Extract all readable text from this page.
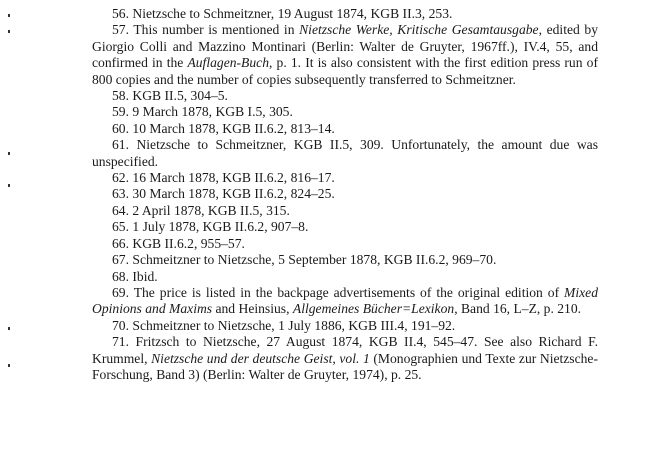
56. Nietzsche to Schmeitzner, 19 August 1874, KGB II.3, 253.

57. This number is mentioned in Nietzsche Werke, Kritische Gesamtausgabe, edited by Giorgio Colli and Mazzino Montinari (Berlin: Walter de Gruyter, 1967ff.), IV.4, 55, and confirmed in the Auflagen-Buch, p. 1. It is also consistent with the first edition press run of 800 copies and the number of copies subsequently transferred to Schmeitzner.

58. KGB II.5, 304–5.

59. 9 March 1878, KGB I.5, 305.

60. 10 March 1878, KGB II.6.2, 813–14.

61. Nietzsche to Schmeitzner, KGB II.5, 309. Unfortunately, the amount due was unspecified.

62. 16 March 1878, KGB II.6.2, 816–17.

63. 30 March 1878, KGB II.6.2, 824–25.

64. 2 April 1878, KGB II.5, 315.

65. 1 July 1878, KGB II.6.2, 907–8.

66. KGB II.6.2, 955–57.

67. Schmeitzner to Nietzsche, 5 September 1878, KGB II.6.2, 969–70.

68. Ibid.

69. The price is listed in the backpage advertisements of the original edition of Mixed Opinions and Maxims and Heinsius, Allgemeines Bücher=Lexikon, Band 16, L–Z, p. 210.

70. Schmeitzner to Nietzsche, 1 July 1886, KGB III.4, 191–92.

71. Fritzsch to Nietzsche, 27 August 1874, KGB II.4, 545–47. See also Richard F. Krummel, Nietzsche und der deutsche Geist, vol. 1 (Monographien und Texte zur Nietzsche-Forschung, Band 3) (Berlin: Walter de Gruyter, 1974), p. 25.
